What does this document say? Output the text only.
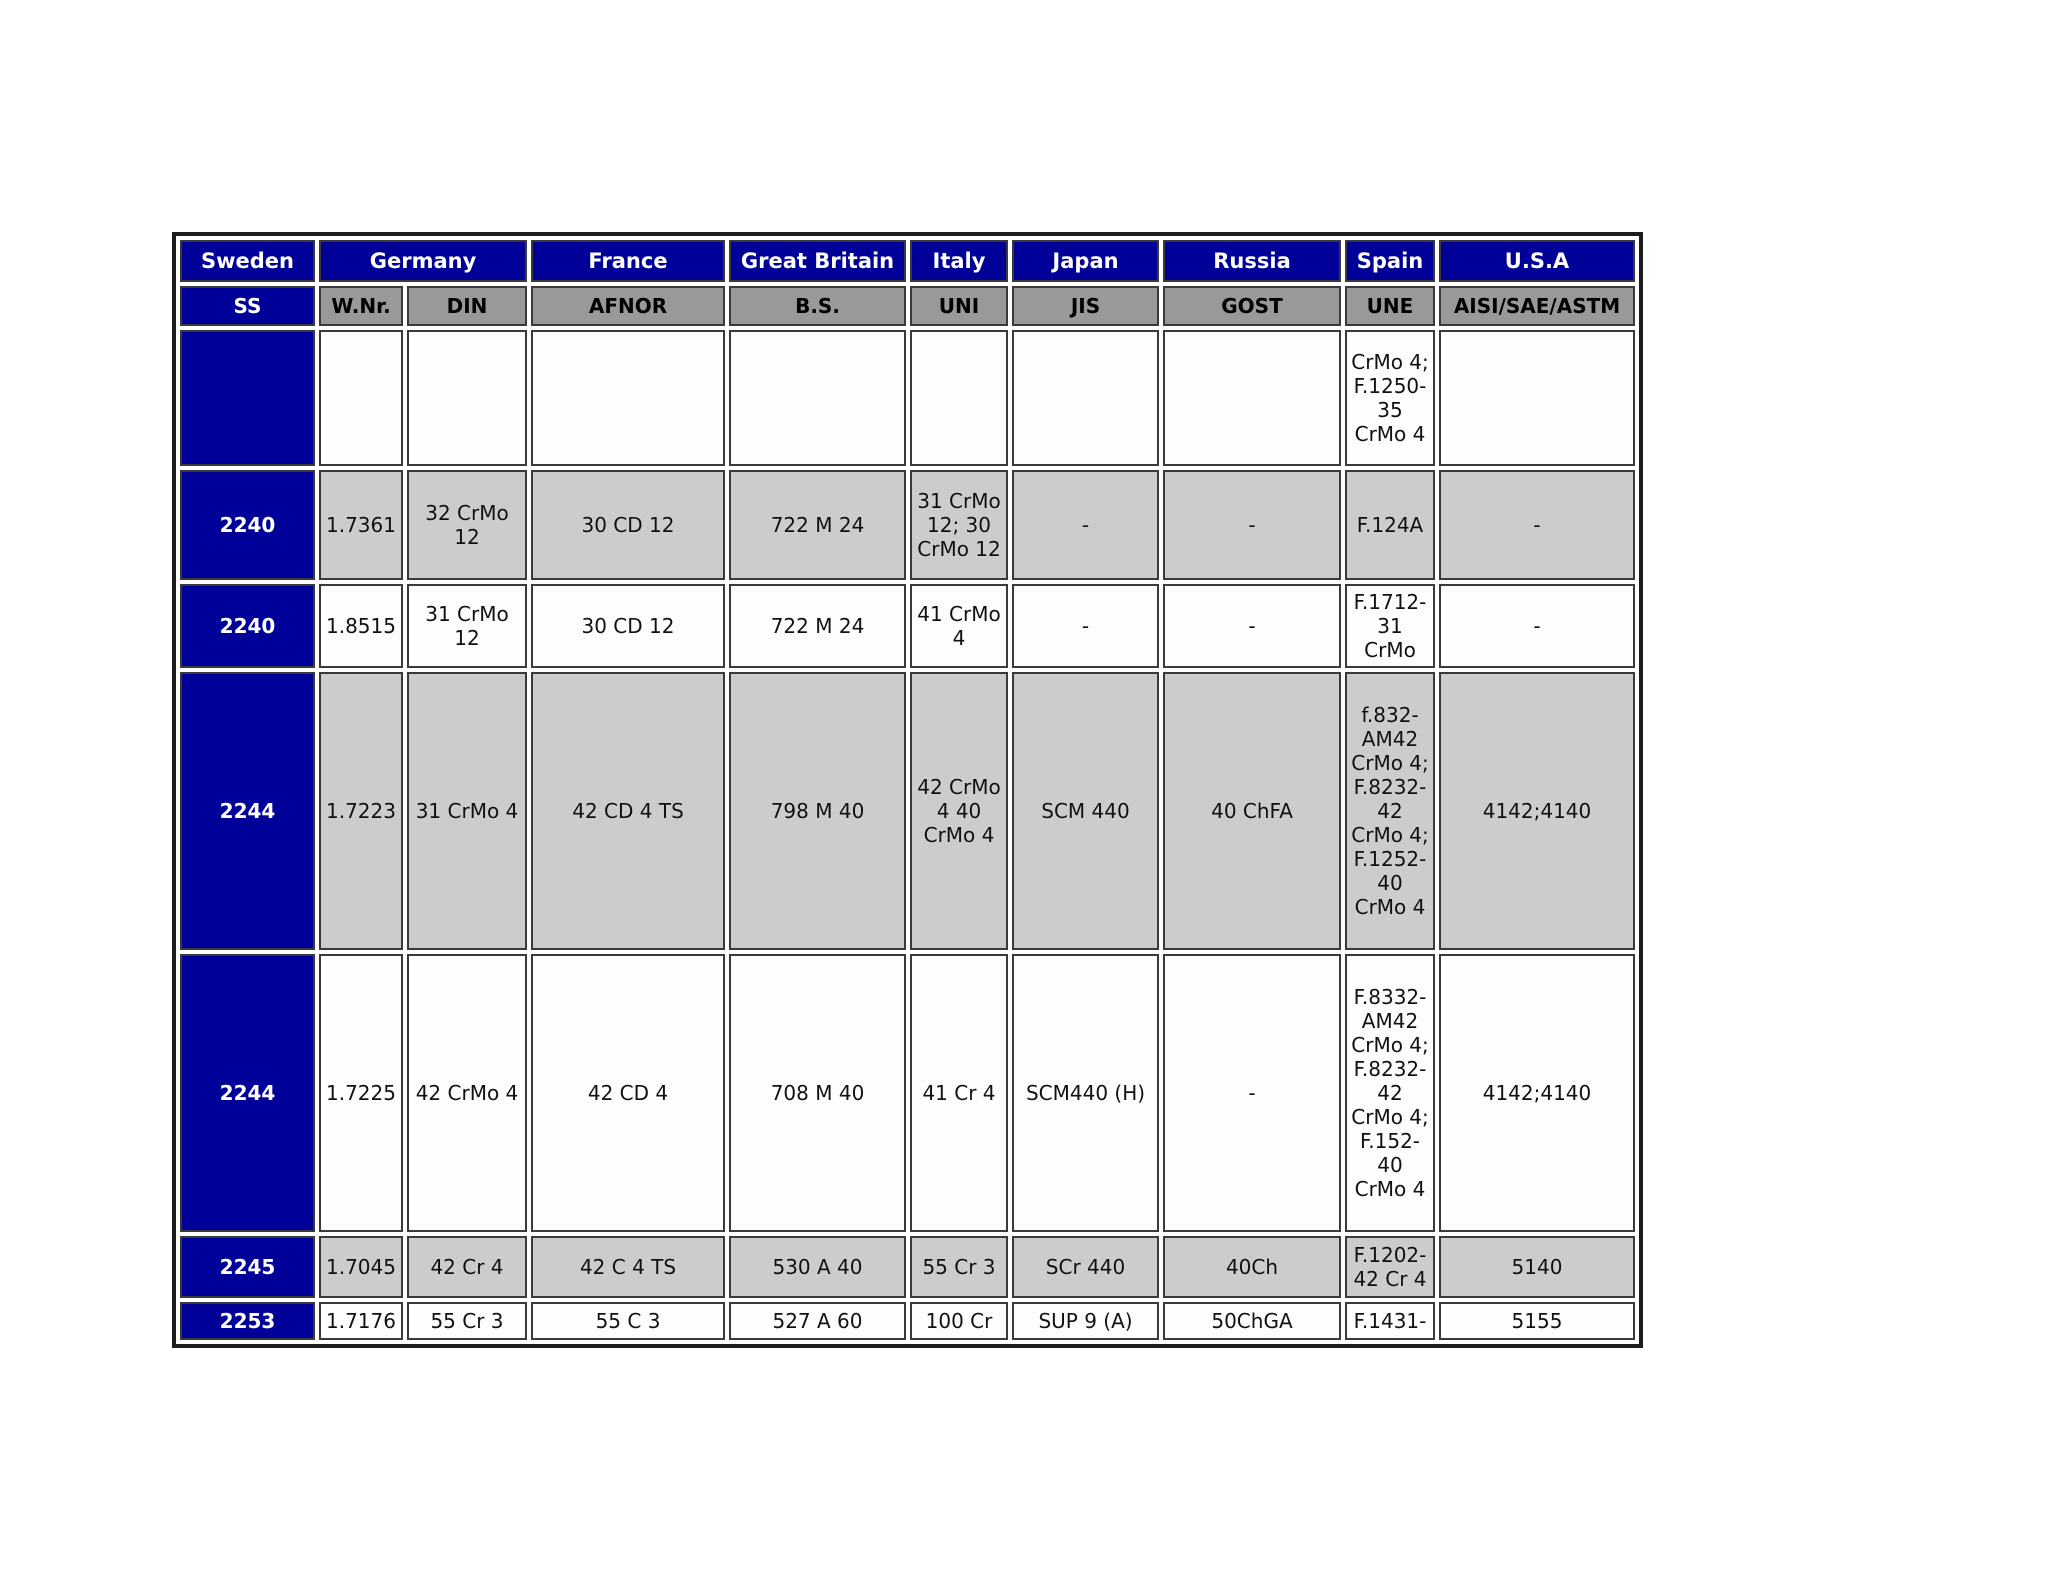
Sweden	Germany		France	Great Britain	Italy	Japan	Russia	Spain	U.S.A
SS	W.Nr.	DIN	AFNOR	B.S.	UNI	JIS	GOST	UNE	AISI/SAE/ASTM
								CrMo 4; F.1250-35 CrMo 4	
2240	1.7361	32 CrMo 12	30 CD 12	722 M 24	31 CrMo 12; 30 CrMo 12	-	-	F.124A	-
2240	1.8515	31 CrMo 12	30 CD 12	722 M 24	41 CrMo 4	-	-	F.1712-31 CrMo	-
2244	1.7223	31 CrMo 4	42 CD 4 TS	798 M 40	42 CrMo 4 40 CrMo 4	SCM 440	40 ChFA	f.832-AM42 CrMo 4; F.8232-42 CrMo 4; F.1252-40 CrMo 4	4142;4140
2244	1.7225	42 CrMo 4	42 CD 4	708 M 40	41 Cr 4	SCM440 (H)	-	F.8332-AM42 CrMo 4; F.8232-42 CrMo 4; F.152-40 CrMo 4	4142;4140
2245	1.7045	42 Cr 4	42 C 4 TS	530 A 40	55 Cr 3	SCr 440	40Ch	F.1202-42 Cr 4	5140
2253	1.7176	55 Cr 3	55 C 3	527 A 60	100 Cr	SUP 9 (A)	50ChGA	F.1431-	5155
